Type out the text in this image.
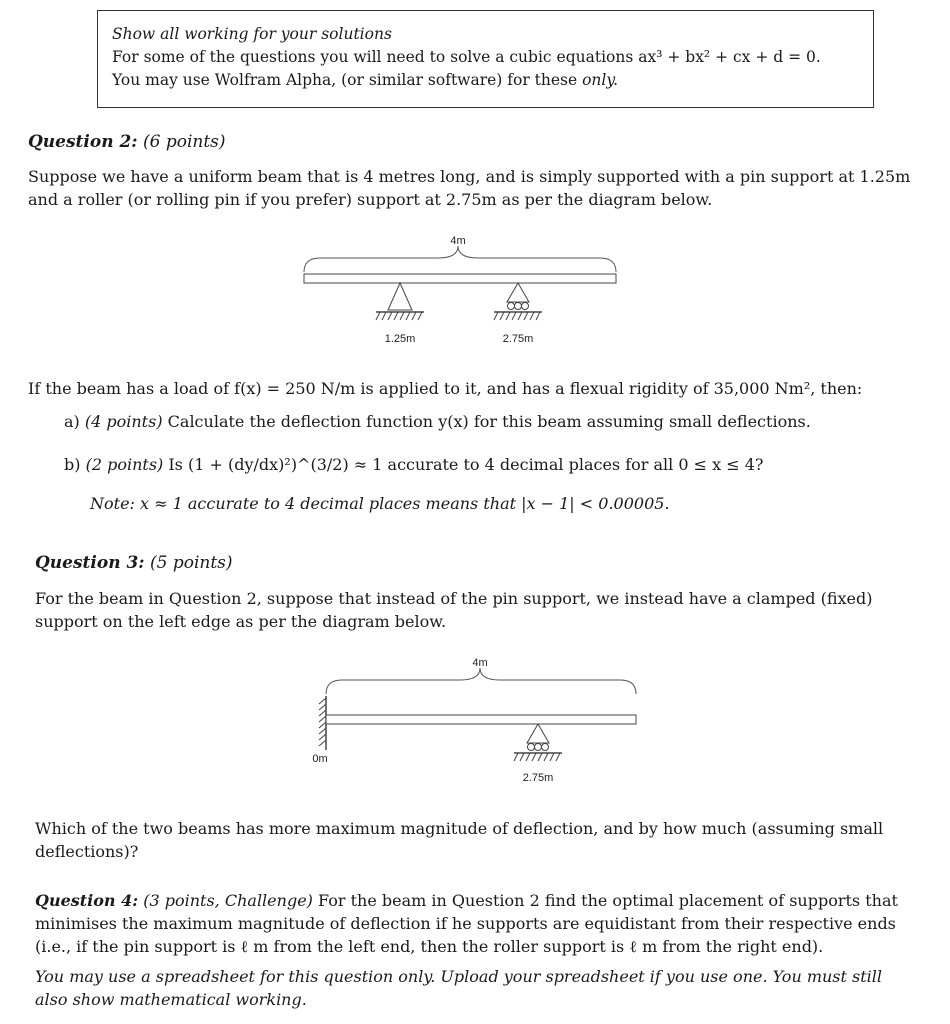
Show all working for your solutions
For some of the questions you will need to solve a cubic equations ax³ + bx² + cx + d = 0.
You may use Wolfram Alpha, (or similar software) for these only.
Question 2: (6 points)
Suppose we have a uniform beam that is 4 metres long, and is simply supported with a pin support at 1.25m
and a roller (or rolling pin if you prefer) support at 2.75m as per the diagram below.
4m
1.25m	2.75m
If the beam has a load of f(x) = 250 N/m is applied to it, and has a flexual rigidity of 35,000 Nm², then:
a) (4 points) Calculate the deflection function y(x) for this beam assuming small deflections.
b) (2 points) Is (1 + (dy/dx)²)^(3/2) ≈ 1 accurate to 4 decimal places for all 0 ≤ x ≤ 4?
Note: x ≈ 1 accurate to 4 decimal places means that |x − 1| < 0.00005.
Question 3: (5 points)
For the beam in Question 2, suppose that instead of the pin support, we instead have a clamped (fixed)
support on the left edge as per the diagram below.
4m
0m
2.75m
Which of the two beams has more maximum magnitude of deflection, and by how much (assuming small
deflections)?
Question 4: (3 points, Challenge) For the beam in Question 2 find the optimal placement of supports that
minimises the maximum magnitude of deflection if he supports are equidistant from their respective ends
(i.e., if the pin support is ℓ m from the left end, then the roller support is ℓ m from the right end).
You may use a spreadsheet for this question only. Upload your spreadsheet if you use one. You must still
also show mathematical working.
